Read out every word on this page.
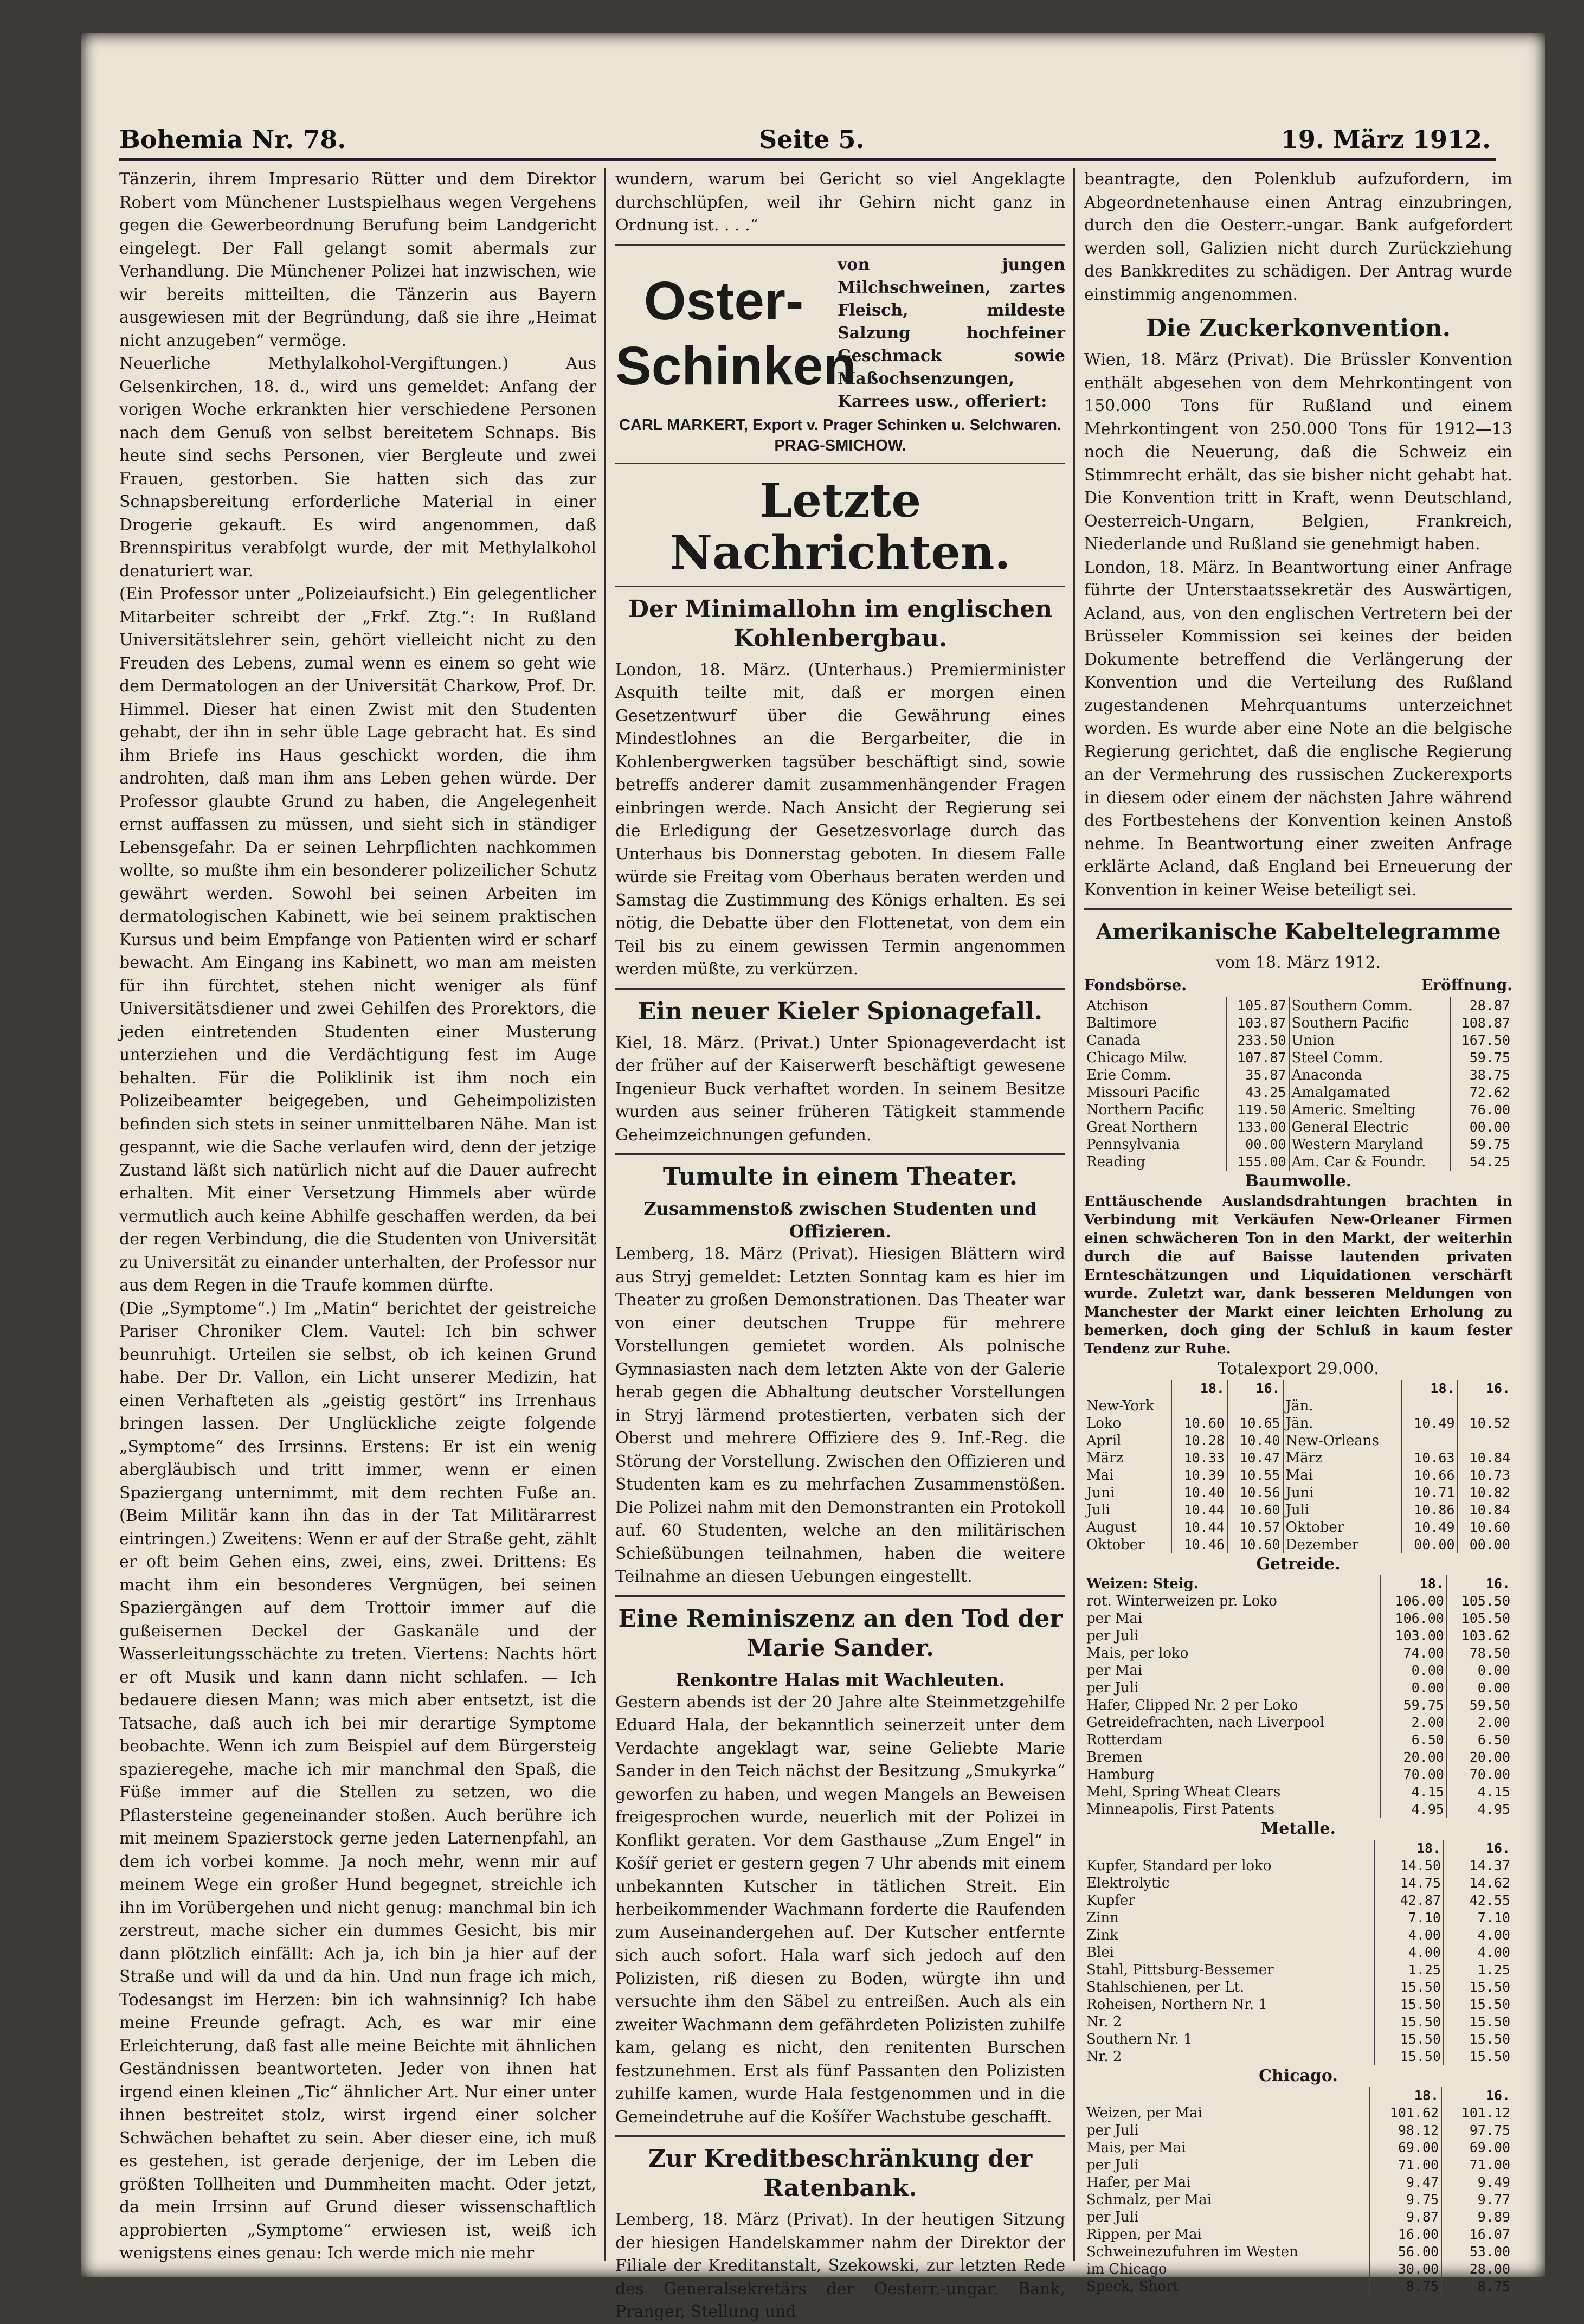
Bohemia Nr. 78.	Seite 5.	19. März 1912.

Tänzerin, ihrem Impresario Rütter und dem Direktor Robert vom Münchener Lustspielhaus wegen Vergehens gegen die Gewerbeordnung Berufung beim Landgericht eingelegt. Der Fall gelangt somit abermals zur Verhandlung. Die Münchener Polizei hat inzwischen, wie wir bereits mitteilten, die Tänzerin aus Bayern ausgewiesen mit der Begründung, daß sie ihre „Heimat nicht anzugeben“ vermöge.

Neuerliche Methylalkohol-Vergiftungen.) Aus Gelsenkirchen, 18. d., wird uns gemeldet: Anfang der vorigen Woche erkrankten hier verschiedene Personen nach dem Genuß von selbst bereitetem Schnaps. Bis heute sind sechs Personen, vier Bergleute und zwei Frauen, gestorben. Sie hatten sich das zur Schnapsbereitung erforderliche Material in einer Drogerie gekauft. Es wird angenommen, daß Brennspiritus verabfolgt wurde, der mit Methylalkohol denaturiert war.

(Ein Professor unter „Polizeiaufsicht.) Ein gelegentlicher Mitarbeiter schreibt der „Frkf. Ztg.“: In Rußland Universitätslehrer sein, gehört vielleicht nicht zu den Freuden des Lebens, zumal wenn es einem so geht wie dem Dermatologen an der Universität Charkow, Prof. Dr. Himmel. Dieser hat einen Zwist mit den Studenten gehabt, der ihn in sehr üble Lage gebracht hat. Es sind ihm Briefe ins Haus geschickt worden, die ihm androhten, daß man ihm ans Leben gehen würde. Der Professor glaubte Grund zu haben, die Angelegenheit ernst auffassen zu müssen, und sieht sich in ständiger Lebensgefahr. Da er seinen Lehrpflichten nachkommen wollte, so mußte ihm ein besonderer polizeilicher Schutz gewährt werden. Sowohl bei seinen Arbeiten im dermatologischen Kabinett, wie bei seinem praktischen Kursus und beim Empfange von Patienten wird er scharf bewacht. Am Eingang ins Kabinett, wo man am meisten für ihn fürchtet, stehen nicht weniger als fünf Universitätsdiener und zwei Gehilfen des Prorektors, die jeden eintretenden Studenten einer Musterung unterziehen und die Verdächtigung fest im Auge behalten. Für die Poliklinik ist ihm noch ein Polizeibeamter beigegeben, und Geheimpolizisten befinden sich stets in seiner unmittelbaren Nähe. Man ist gespannt, wie die Sache verlaufen wird, denn der jetzige Zustand läßt sich natürlich nicht auf die Dauer aufrecht erhalten. Mit einer Versetzung Himmels aber würde vermutlich auch keine Abhilfe geschaffen werden, da bei der regen Verbindung, die die Studenten von Universität zu Universität zu einander unterhalten, der Professor nur aus dem Regen in die Traufe kommen dürfte.

(Die „Symptome“.) Im „Matin“ berichtet der geistreiche Pariser Chroniker Clem. Vautel: Ich bin schwer beunruhigt. Urteilen sie selbst, ob ich keinen Grund habe. Der Dr. Vallon, ein Licht unserer Medizin, hat einen Verhafteten als „geistig gestört“ ins Irrenhaus bringen lassen. Der Unglückliche zeigte folgende „Symptome“ des Irrsinns. Erstens: Er ist ein wenig abergläubisch und tritt immer, wenn er einen Spaziergang unternimmt, mit dem rechten Fuße an. (Beim Militär kann ihn das in der Tat Militärarrest eintringen.) Zweitens: Wenn er auf der Straße geht, zählt er oft beim Gehen eins, zwei, eins, zwei. Drittens: Es macht ihm ein besonderes Vergnügen, bei seinen Spaziergängen auf dem Trottoir immer auf die gußeisernen Deckel der Gaskanäle und der Wasserleitungsschächte zu treten. Viertens: Nachts hört er oft Musik und kann dann nicht schlafen. — Ich bedauere diesen Mann; was mich aber entsetzt, ist die Tatsache, daß auch ich bei mir derartige Symptome beobachte. Wenn ich zum Beispiel auf dem Bürgersteig spazieregehe, mache ich mir manchmal den Spaß, die Füße immer auf die Stellen zu setzen, wo die Pflastersteine gegeneinander stoßen. Auch berühre ich mit meinem Spazierstock gerne jeden Laternenpfahl, an dem ich vorbei komme. Ja noch mehr, wenn mir auf meinem Wege ein großer Hund begegnet, streichle ich ihn im Vorübergehen und nicht genug: manchmal bin ich zerstreut, mache sicher ein dummes Gesicht, bis mir dann plötzlich einfällt: Ach ja, ich bin ja hier auf der Straße und will da und da hin. Und nun frage ich mich, Todesangst im Herzen: bin ich wahnsinnig? Ich habe meine Freunde gefragt. Ach, es war mir eine Erleichterung, daß fast alle meine Beichte mit ähnlichen Geständnissen beantworteten. Jeder von ihnen hat irgend einen kleinen „Tic“ ähnlicher Art. Nur einer unter ihnen bestreitet stolz, wirst irgend einer solcher Schwächen behaftet zu sein. Aber dieser eine, ich muß es gestehen, ist gerade derjenige, der im Leben die größten Tollheiten und Dummheiten macht. Oder jetzt, da mein Irrsinn auf Grund dieser wissenschaftlich approbierten „Symptome“ erwiesen ist, weiß ich wenigstens eines genau: Ich werde mich nie mehr

wundern, warum bei Gericht so viel Angeklagte durchschlüpfen, weil ihr Gehirn nicht ganz in Ordnung ist. . . .“

Oster-
Schinken
von jungen Milchschweinen, zartes Fleisch, mildeste Salzung hochfeiner Geschmack sowie Maßochsenzungen, Karrees usw., offeriert:
CARL MARKERT, Export v. Prager Schinken u. Selchwaren.
PRAG-SMICHOW.
Letzte Nachrichten.
Der Minimallohn im englischen Kohlenbergbau.

London, 18. März. (Unterhaus.) Premierminister Asquith teilte mit, daß er morgen einen Gesetzentwurf über die Gewährung eines Mindestlohnes an die Bergarbeiter, die in Kohlenbergwerken tagsüber beschäftigt sind, sowie betreffs anderer damit zusammenhängender Fragen einbringen werde. Nach Ansicht der Regierung sei die Erledigung der Gesetzesvorlage durch das Unterhaus bis Donnerstag geboten. In diesem Falle würde sie Freitag vom Oberhaus beraten werden und Samstag die Zustimmung des Königs erhalten. Es sei nötig, die Debatte über den Flottenetat, von dem ein Teil bis zu einem gewissen Termin angenommen werden müßte, zu verkürzen.

Ein neuer Kieler Spionagefall.

Kiel, 18. März. (Privat.) Unter Spionageverdacht ist der früher auf der Kaiserwerft beschäftigt gewesene Ingenieur Buck verhaftet worden. In seinem Besitze wurden aus seiner früheren Tätigkeit stammende Geheimzeichnungen gefunden.

Tumulte in einem Theater.
Zusammenstoß zwischen Studenten und Offizieren.

Lemberg, 18. März (Privat). Hiesigen Blättern wird aus Stryj gemeldet: Letzten Sonntag kam es hier im Theater zu großen Demonstrationen. Das Theater war von einer deutschen Truppe für mehrere Vorstellungen gemietet worden. Als polnische Gymnasiasten nach dem letzten Akte von der Galerie herab gegen die Abhaltung deutscher Vorstellungen in Stryj lärmend protestierten, verbaten sich der Oberst und mehrere Offiziere des 9. Inf.-Reg. die Störung der Vorstellung. Zwischen den Offizieren und Studenten kam es zu mehrfachen Zusammenstößen. Die Polizei nahm mit den Demonstranten ein Protokoll auf. 60 Studenten, welche an den militärischen Schießübungen teilnahmen, haben die weitere Teilnahme an diesen Uebungen eingestellt.

Eine Reminiszenz an den Tod der Marie Sander.
Renkontre Halas mit Wachleuten.

Gestern abends ist der 20 Jahre alte Steinmetzgehilfe Eduard Hala, der bekanntlich seinerzeit unter dem Verdachte angeklagt war, seine Geliebte Marie Sander in den Teich nächst der Besitzung „Smukyrka“ geworfen zu haben, und wegen Mangels an Beweisen freigesprochen wurde, neuerlich mit der Polizei in Konflikt geraten. Vor dem Gasthause „Zum Engel“ in Košíř geriet er gestern gegen 7 Uhr abends mit einem unbekannten Kutscher in tätlichen Streit. Ein herbeikommender Wachmann forderte die Raufenden zum Auseinandergehen auf. Der Kutscher entfernte sich auch sofort. Hala warf sich jedoch auf den Polizisten, riß diesen zu Boden, würgte ihn und versuchte ihm den Säbel zu entreißen. Auch als ein zweiter Wachmann dem gefährdeten Polizisten zuhilfe kam, gelang es nicht, den renitenten Burschen festzunehmen. Erst als fünf Passanten den Polizisten zuhilfe kamen, wurde Hala festgenommen und in die Gemeindetruhe auf die Košířer Wachstube geschafft.

Zur Kreditbeschränkung der Ratenbank.

Lemberg, 18. März (Privat). In der heutigen Sitzung der hiesigen Handelskammer nahm der Direktor der Filiale der Kreditanstalt, Szekowski, zur letzten Rede des Generalsekretärs der Oesterr.-ungar. Bank, Pranger, Stellung und

beantragte, den Polenklub aufzufordern, im Abgeordnetenhause einen Antrag einzubringen, durch den die Oesterr.-ungar. Bank aufgefordert werden soll, Galizien nicht durch Zurückziehung des Bankkredites zu schädigen. Der Antrag wurde einstimmig angenommen.

Die Zuckerkonvention.

Wien, 18. März (Privat). Die Brüssler Konvention enthält abgesehen von dem Mehrkontingent von 150.000 Tons für Rußland und einem Mehrkontingent von 250.000 Tons für 1912—13 noch die Neuerung, daß die Schweiz ein Stimmrecht erhält, das sie bisher nicht gehabt hat. Die Konvention tritt in Kraft, wenn Deutschland, Oesterreich-Ungarn, Belgien, Frankreich, Niederlande und Rußland sie genehmigt haben.

London, 18. März. In Beantwortung einer Anfrage führte der Unterstaatssekretär des Auswärtigen, Acland, aus, von den englischen Vertretern bei der Brüsseler Kommission sei keines der beiden Dokumente betreffend die Verlängerung der Konvention und die Verteilung des Rußland zugestandenen Mehrquantums unterzeichnet worden. Es wurde aber eine Note an die belgische Regierung gerichtet, daß die englische Regierung an der Vermehrung des russischen Zuckerexports in diesem oder einem der nächsten Jahre während des Fortbestehens der Konvention keinen Anstoß nehme. In Beantwortung einer zweiten Anfrage erklärte Acland, daß England bei Erneuerung der Konvention in keiner Weise beteiligt sei.

Amerikanische Kabeltelegramme
vom 18. März 1912.
Fondsbörse.	Eröffnung.
Atchison	105.87	Southern Comm.	28.87
Baltimore	103.87	Southern Pacific	108.87
Canada	233.50	Union	167.50
Chicago Milw.	107.87	Steel Comm.	59.75
Erie Comm.	35.87	Anaconda	38.75
Missouri Pacific	43.25	Amalgamated	72.62
Northern Pacific	119.50	Americ. Smelting	76.00
Great Northern	133.00	General Electric	00.00
Pennsylvania	00.00	Western Maryland	59.75
Reading	155.00	Am. Car & Foundr.	54.25
Baumwolle.

Enttäuschende Auslandsdrahtungen brachten in Verbindung mit Verkäufen New-Orleaner Firmen einen schwächeren Ton in den Markt, der weiterhin durch die auf Baisse lautenden privaten Ernteschätzungen und Liquidationen verschärft wurde. Zuletzt war, dank besseren Meldungen von Manchester der Markt einer leichten Erholung zu bemerken, doch ging der Schluß in kaum fester Tendenz zur Ruhe.

Totalexport 29.000.
	18.	16.		18.	16.
New-York			Jän.		
Loko	10.60	10.65	Jän.	10.49	10.52
April	10.28	10.40	New-Orleans		
März	10.33	10.47	März	10.63	10.84
Mai	10.39	10.55	Mai	10.66	10.73
Juni	10.40	10.56	Juni	10.71	10.82
Juli	10.44	10.60	Juli	10.86	10.84
August	10.44	10.57	Oktober	10.49	10.60
Oktober	10.46	10.60	Dezember	00.00	00.00
Getreide.
Weizen: Steig.	18.	16.
rot. Winterweizen pr. Loko	106.00	105.50
per Mai	106.00	105.50
per Juli	103.00	103.62
Mais, per loko	74.00	78.50
per Mai	0.00	0.00
per Juli	0.00	0.00
Hafer, Clipped Nr. 2 per Loko	59.75	59.50
Getreidefrachten, nach Liverpool	2.00	2.00
Rotterdam	6.50	6.50
Bremen	20.00	20.00
Hamburg	70.00	70.00
Mehl, Spring Wheat Clears	4.15	4.15
Minneapolis, First Patents	4.95	4.95
Metalle.
	18.	16.
Kupfer, Standard per loko	14.50	14.37
Elektrolytic	14.75	14.62
Kupfer	42.87	42.55
Zinn	7.10	7.10
Zink	4.00	4.00
Blei	4.00	4.00
Stahl, Pittsburg-Bessemer	1.25	1.25
Stahlschienen, per Lt.	15.50	15.50
Roheisen, Northern Nr. 1	15.50	15.50
Nr. 2	15.50	15.50
Southern Nr. 1	15.50	15.50
Nr. 2	15.50	15.50
Chicago.
	18.	16.
Weizen, per Mai	101.62	101.12
per Juli	98.12	97.75
Mais, per Mai	69.00	69.00
per Juli	71.00	71.00
Hafer, per Mai	9.47	9.49
Schmalz, per Mai	9.75	9.77
per Juli	9.87	9.89
Rippen, per Mai	16.00	16.07
Schweinezufuhren im Westen	56.00	53.00
im Chicago	30.00	28.00
Speck, Short	8.75	8.75
